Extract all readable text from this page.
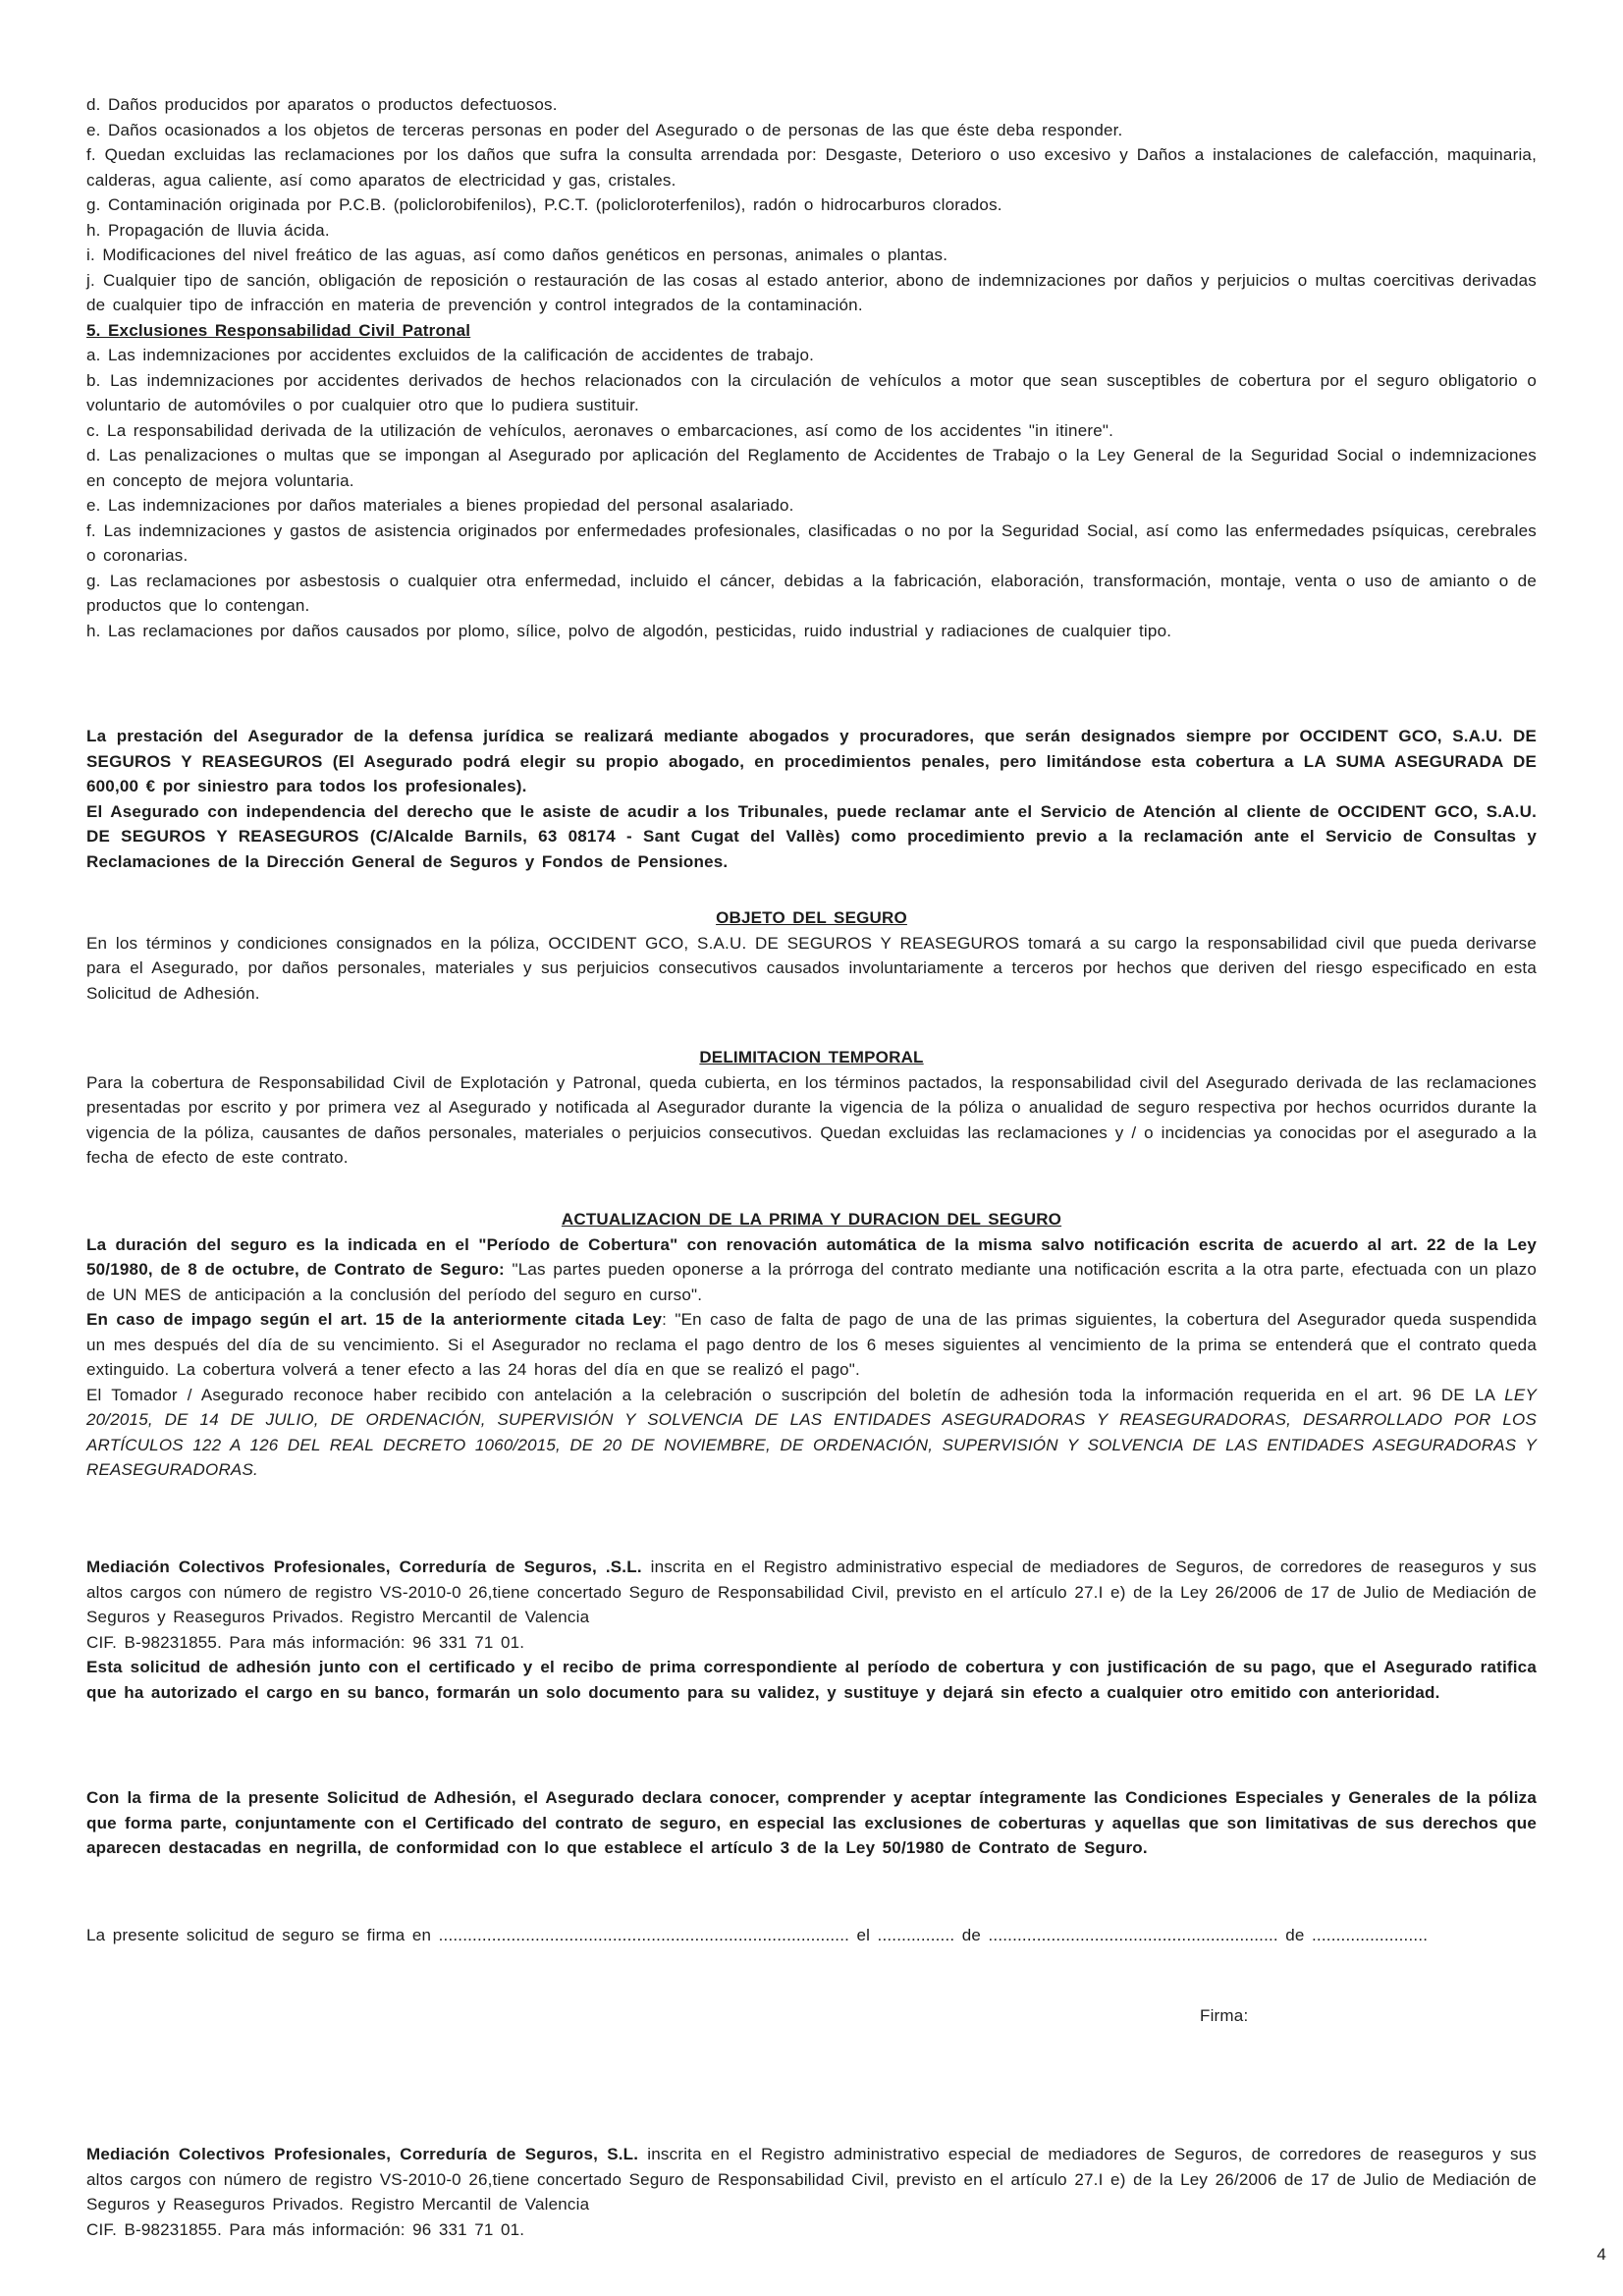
d. Daños producidos por aparatos o productos defectuosos.

e. Daños ocasionados a los objetos de terceras personas en poder del Asegurado o de personas de las que éste deba responder.

f. Quedan excluidas las reclamaciones por los daños que sufra la consulta arrendada por: Desgaste, Deterioro o uso excesivo y Daños a instalaciones de calefacción, maquinaria, calderas, agua caliente, así como aparatos de electricidad y gas, cristales.

g. Contaminación originada por P.C.B. (policlorobifenilos), P.C.T. (policloroterfenilos), radón o hidrocarburos clorados.

h. Propagación de lluvia ácida.

i. Modificaciones del nivel freático de las aguas, así como daños genéticos en personas, animales o plantas.

j. Cualquier tipo de sanción, obligación de reposición o restauración de las cosas al estado anterior, abono de indemnizaciones por daños y perjuicios o multas coercitivas derivadas de cualquier tipo de infracción en materia de prevención y control integrados de la contaminación.

5. Exclusiones Responsabilidad Civil Patronal

a. Las indemnizaciones por accidentes excluidos de la calificación de accidentes de trabajo.

b. Las indemnizaciones por accidentes derivados de hechos relacionados con la circulación de vehículos a motor que sean susceptibles de cobertura por el seguro obligatorio o voluntario de automóviles o por cualquier otro que lo pudiera sustituir.

c. La responsabilidad derivada de la utilización de vehículos, aeronaves o embarcaciones, así como de los accidentes "in itinere".

d. Las penalizaciones o multas que se impongan al Asegurado por aplicación del Reglamento de Accidentes de Trabajo o la Ley General de la Seguridad Social o indemnizaciones en concepto de mejora voluntaria.

e. Las indemnizaciones por daños materiales a bienes propiedad del personal asalariado.

f. Las indemnizaciones y gastos de asistencia originados por enfermedades profesionales, clasificadas o no por la Seguridad Social, así como las enfermedades psíquicas, cerebrales o coronarias.

g. Las reclamaciones por asbestosis o cualquier otra enfermedad, incluido el cáncer, debidas a la fabricación, elaboración, transformación, montaje, venta o uso de amianto o de productos que lo contengan.

h. Las reclamaciones por daños causados por plomo, sílice, polvo de algodón, pesticidas, ruido industrial y radiaciones de cualquier tipo.

La prestación del Asegurador de la defensa jurídica se realizará mediante abogados y procuradores, que serán designados siempre por OCCIDENT GCO, S.A.U. DE SEGUROS Y REASEGUROS (El Asegurado podrá elegir su propio abogado, en procedimientos penales, pero limitándose esta cobertura a LA SUMA ASEGURADA DE 600,00 € por siniestro para todos los profesionales).

El Asegurado con independencia del derecho que le asiste de acudir a los Tribunales, puede reclamar ante el Servicio de Atención al cliente de OCCIDENT GCO, S.A.U. DE SEGUROS Y REASEGUROS (C/Alcalde Barnils, 63 08174 - Sant Cugat del Vallès) como procedimiento previo a la reclamación ante el Servicio de Consultas y Reclamaciones de la Dirección General de Seguros y Fondos de Pensiones.

OBJETO DEL SEGURO

En los términos y condiciones consignados en la póliza, OCCIDENT GCO, S.A.U. DE SEGUROS Y REASEGUROS tomará a su cargo la responsabilidad civil que pueda derivarse para el Asegurado, por daños personales, materiales y sus perjuicios consecutivos causados involuntariamente a terceros por hechos que deriven del riesgo especificado en esta Solicitud de Adhesión.

DELIMITACION TEMPORAL

Para la cobertura de Responsabilidad Civil de Explotación y Patronal, queda cubierta, en los términos pactados, la responsabilidad civil del Asegurado derivada de las reclamaciones presentadas por escrito y por primera vez al Asegurado y notificada al Asegurador durante la vigencia de la póliza o anualidad de seguro respectiva por hechos ocurridos durante la vigencia de la póliza, causantes de daños personales, materiales o perjuicios consecutivos. Quedan excluidas las reclamaciones y / o incidencias ya conocidas por el asegurado a la fecha de efecto de este contrato.

ACTUALIZACION DE LA PRIMA Y DURACION DEL SEGURO

La duración del seguro es la indicada en el "Período de Cobertura" con renovación automática de la misma salvo notificación escrita de acuerdo al art. 22 de la Ley 50/1980, de 8 de octubre, de Contrato de Seguro: "Las partes pueden oponerse a la prórroga del contrato mediante una notificación escrita a la otra parte, efectuada con un plazo de UN MES de anticipación a la conclusión del período del seguro en curso".

En caso de impago según el art. 15 de la anteriormente citada Ley: "En caso de falta de pago de una de las primas siguientes, la cobertura del Asegurador queda suspendida un mes después del día de su vencimiento. Si el Asegurador no reclama el pago dentro de los 6 meses siguientes al vencimiento de la prima se entenderá que el contrato queda extinguido. La cobertura volverá a tener efecto a las 24 horas del día en que se realizó el pago".

El Tomador / Asegurado reconoce haber recibido con antelación a la celebración o suscripción del boletín de adhesión toda la información requerida en el art. 96 DE LA LEY 20/2015, DE 14 DE JULIO, DE ORDENACIÓN, SUPERVISIÓN Y SOLVENCIA DE LAS ENTIDADES ASEGURADORAS Y REASEGURADORAS, DESARROLLADO POR LOS ARTÍCULOS 122 A 126 DEL REAL DECRETO 1060/2015, DE 20 DE NOVIEMBRE, DE ORDENACIÓN, SUPERVISIÓN Y SOLVENCIA DE LAS ENTIDADES ASEGURADORAS Y REASEGURADORAS.

Mediación Colectivos Profesionales, Correduría de Seguros, .S.L. inscrita en el Registro administrativo especial de mediadores de Seguros, de corredores de reaseguros y sus altos cargos con número de registro VS-2010-0 26,tiene concertado Seguro de Responsabilidad Civil, previsto en el artículo 27.I e) de la Ley 26/2006 de 17 de Julio de Mediación de Seguros y Reaseguros Privados. Registro Mercantil de Valencia

CIF. B-98231855. Para más información: 96 331 71 01.

Esta solicitud de adhesión junto con el certificado y el recibo de prima correspondiente al período de cobertura y con justificación de su pago, que el Asegurado ratifica que ha autorizado el cargo en su banco, formarán un solo documento para su validez, y sustituye y dejará sin efecto a cualquier otro emitido con anterioridad.

Con la firma de la presente Solicitud de Adhesión, el Asegurado declara conocer, comprender y aceptar íntegramente las Condiciones Especiales y Generales de la póliza que forma parte, conjuntamente con el Certificado del contrato de seguro, en especial las exclusiones de coberturas y aquellas que son limitativas de sus derechos que aparecen destacadas en negrilla, de conformidad con lo que establece el artículo 3 de la Ley 50/1980 de Contrato de Seguro.

La presente solicitud de seguro se firma en ..................................................................................... el ................ de ............................................................ de ........................

Firma:

Mediación Colectivos Profesionales, Correduría de Seguros, S.L. inscrita en el Registro administrativo especial de mediadores de Seguros, de corredores de reaseguros y sus altos cargos con número de registro VS-2010-0 26,tiene concertado Seguro de Responsabilidad Civil, previsto en el artículo 27.I e) de la Ley 26/2006 de 17 de Julio de Mediación de Seguros y Reaseguros Privados. Registro Mercantil de Valencia

CIF. B-98231855. Para más información: 96 331 71 01.

4
